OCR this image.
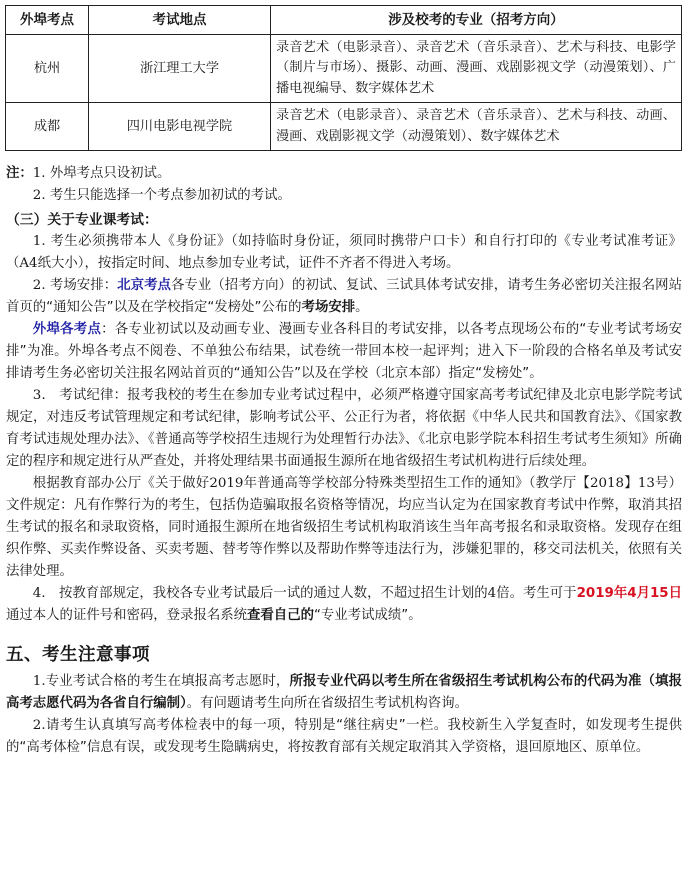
外埠考点	考试地点	涉及校考的专业（招考方向）
杭州	浙江理工大学	录音艺术（电影录音）、录音艺术（音乐录音）、艺术与科技、电影学（制片与市场）、摄影、动画、漫画、戏剧影视文学（动漫策划）、广播电视编导、数字媒体艺术
成都	四川电影电视学院	录音艺术（电影录音）、录音艺术（音乐录音）、艺术与科技、动画、漫画、戏剧影视文学（动漫策划）、数字媒体艺术

注：1. 外埠考点只设初试。

2. 考生只能选择一个考点参加初试的考试。

（三）关于专业课考试：

1. 考生必须携带本人《身份证》（如持临时身份证，须同时携带户口卡）和自行打印的《专业考试准考证》（A4纸大小），按指定时间、地点参加专业考试，证件不齐者不得进入考场。

2. 考场安排：北京考点各专业（招考方向）的初试、复试、三试具体考试安排，请考生务必密切关注报名网站首页的“通知公告”以及在学校指定“发榜处”公布的考场安排。

外埠各考点：各专业初试以及动画专业、漫画专业各科目的考试安排，以各考点现场公布的“专业考试考场安排”为准。外埠各考点不阅卷、不单独公布结果，试卷统一带回本校一起评判；进入下一阶段的合格名单及考试安排请考生务必密切关注报名网站首页的“通知公告”以及在学校（北京本部）指定“发榜处”。

3． 考试纪律：报考我校的考生在参加专业考试过程中，必须严格遵守国家高考考试纪律及北京电影学院考试规定，对违反考试管理规定和考试纪律，影响考试公平、公正行为者，将依据《中华人民共和国教育法》、《国家教育考试违规处理办法》、《普通高等学校招生违规行为处理暂行办法》、《北京电影学院本科招生考试考生须知》所确定的程序和规定进行从严查处，并将处理结果书面通报生源所在地省级招生考试机构进行后续处理。

根据教育部办公厅《关于做好2019年普通高等学校部分特殊类型招生工作的通知》（教学厅【2018】13号）文件规定：凡有作弊行为的考生，包括伪造骗取报名资格等情况，均应当认定为在国家教育考试中作弊，取消其招生考试的报名和录取资格，同时通报生源所在地省级招生考试机构取消该生当年高考报名和录取资格。发现存在组织作弊、买卖作弊设备、买卖考题、替考等作弊以及帮助作弊等违法行为，涉嫌犯罪的，移交司法机关，依照有关法律处理。

4． 按教育部规定，我校各专业考试最后一试的通过人数，不超过招生计划的4倍。考生可于2019年4月15日通过本人的证件号和密码，登录报名系统查看自己的“专业考试成绩”。

五、考生注意事项

1.专业考试合格的考生在填报高考志愿时，所报专业代码以考生所在省级招生考试机构公布的代码为准（填报高考志愿代码为各省自行编制）。有问题请考生向所在省级招生考试机构咨询。

2.请考生认真填写高考体检表中的每一项，特别是“继往病史”一栏。我校新生入学复查时，如发现考生提供的“高考体检”信息有误，或发现考生隐瞒病史，将按教育部有关规定取消其入学资格，退回原地区、原单位。
